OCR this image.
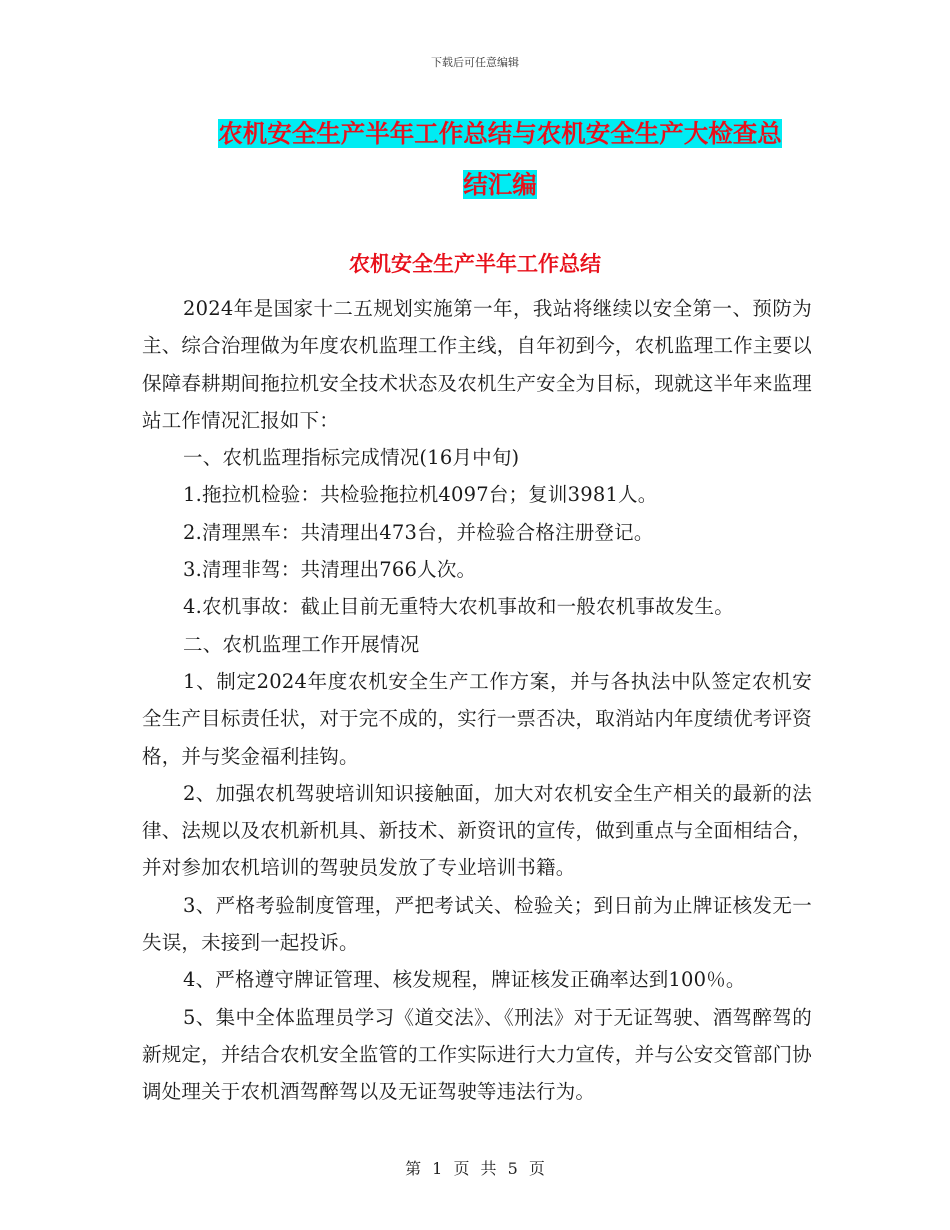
下载后可任意编辑
农机安全生产半年工作总结与农机安全生产大检查总
结汇编
农机安全生产半年工作总结

2024年是国家十二五规划实施第一年，我站将继续以安全第一、预防为主、综合治理做为年度农机监理工作主线，自年初到今，农机监理工作主要以保障春耕期间拖拉机安全技术状态及农机生产安全为目标，现就这半年来监理站工作情况汇报如下：

一、农机监理指标完成情况(16月中旬)

1.拖拉机检验：共检验拖拉机4097台；复训3981人。

2.清理黑车：共清理出473台，并检验合格注册登记。

3.清理非驾：共清理出766人次。

4.农机事故：截止目前无重特大农机事故和一般农机事故发生。

二、农机监理工作开展情况

1、制定2024年度农机安全生产工作方案，并与各执法中队签定农机安全生产目标责任状，对于完不成的，实行一票否决，取消站内年度绩优考评资格，并与奖金福利挂钩。

2、加强农机驾驶培训知识接触面，加大对农机安全生产相关的最新的法律、法规以及农机新机具、新技术、新资讯的宣传，做到重点与全面相结合，并对参加农机培训的驾驶员发放了专业培训书籍。

3、严格考验制度管理，严把考试关、检验关；到日前为止牌证核发无一失误，未接到一起投诉。

4、严格遵守牌证管理、核发规程，牌证核发正确率达到100％。

5、集中全体监理员学习《道交法》、《刑法》对于无证驾驶、酒驾醉驾的新规定，并结合农机安全监管的工作实际进行大力宣传，并与公安交管部门协调处理关于农机酒驾醉驾以及无证驾驶等违法行为。

第 1 页 共 5 页
